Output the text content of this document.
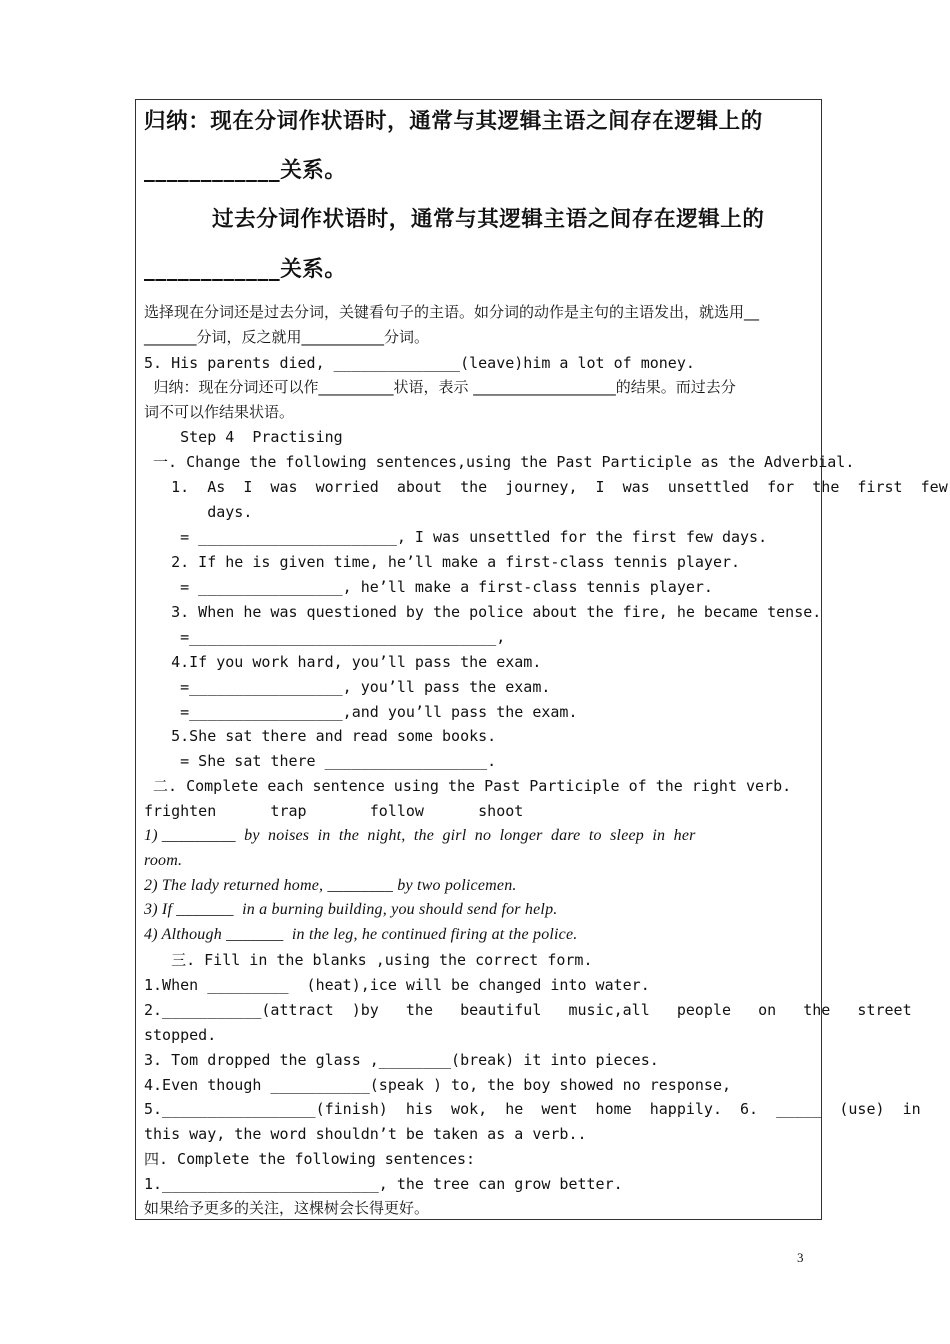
归纳：现在分词作状语时，通常与其逻辑主语之间存在逻辑上的
____________关系。
过去分词作状语时，通常与其逻辑主语之间存在逻辑上的
____________关系。
选择现在分词还是过去分词，关键看句子的主语。如分词的动作是主句的主语发出，就选用__
_______分词，反之就用___________分词。
5. His parents died, ______________(leave)him a lot of money.
归纳：现在分词还可以作__________状语，表示 ___________________的结果。而过去分
词不可以作结果状语。
Step 4  Practising
一. Change the following sentences,using the Past Participle as the Adverbial.
1.  As  I  was  worried  about  the  journey,  I  was  unsettled  for  the  first  few
days.
= ______________________, I was unsettled for the first few days.
2. If he is given time, he’ll make a first-class tennis player.
= ________________, he’ll make a first-class tennis player.
3. When he was questioned by the police about the fire, he became tense.
=__________________________________,
4.If you work hard, you’ll pass the exam.
=_________________, you’ll pass the exam.
=_________________,and you’ll pass the exam.
5.She sat there and read some books.
= She sat there __________________.
二. Complete each sentence using the Past Participle of the right verb.
frighten      trap       follow      shoot
1) _________  by  noises  in  the  night,  the  girl  no  longer  dare  to  sleep  in  her
room.
2) The lady returned home, ________ by two policemen.
3) If _______  in a burning building, you should send for help.
4) Although _______  in the leg, he continued firing at the police.
三. Fill in the blanks ,using the correct form.
1.When _________  (heat),ice will be changed into water.
2.___________(attract  )by   the   beautiful   music,all   people   on   the   street
stopped.
3. Tom dropped the glass ,________(break) it into pieces.
4.Even though ___________(speak ) to, the boy showed no response,
5._________________(finish)  his  wok,  he  went  home  happily.  6.  _____  (use)  in
this way, the word shouldn’t be taken as a verb..
四. Complete the following sentences:
1.________________________, the tree can grow better.
如果给予更多的关注，这棵树会长得更好。
3
